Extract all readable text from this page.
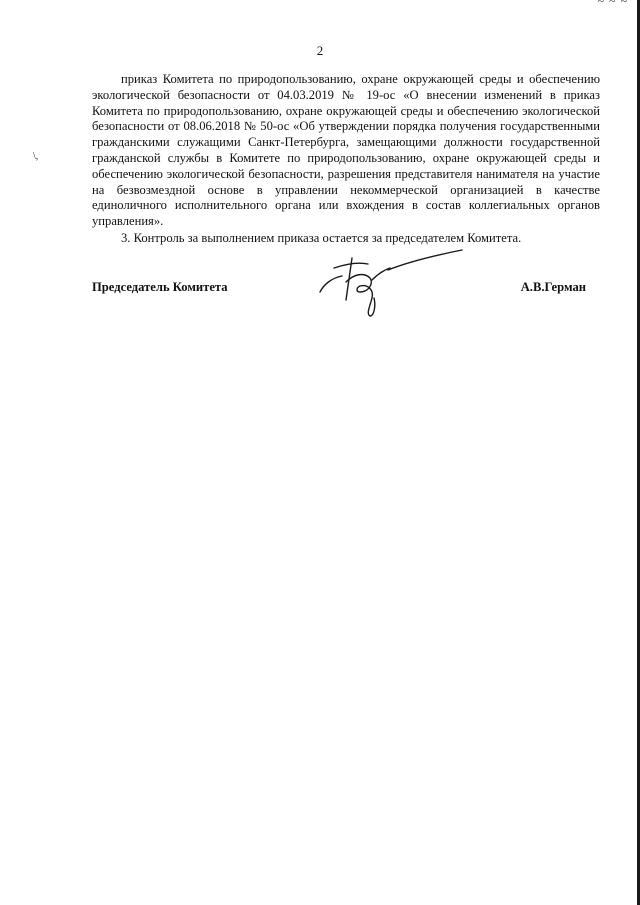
~ ~ ~
2
\,

приказ Комитета по природопользованию, охране окружающей среды и обеспечению экологической безопасности от 04.03.2019 № 19-ос «О внесении изменений в приказ Комитета по природопользованию, охране окружающей среды и обеспечению экологической безопасности от 08.06.2018 № 50-ос «Об утверждении порядка получения государственными гражданскими служащими Санкт-Петербурга, замещающими должности государственной гражданской службы в Комитете по природопользованию, охране окружающей среды и обеспечению экологической безопасности, разрешения представителя нанимателя на участие на безвозмездной основе в управлении некоммерческой организацией в качестве единоличного исполнительного органа или вхождения в состав коллегиальных органов управления».

3. Контроль за выполнением приказа остается за председателем Комитета.

Председатель Комитета	А.В.Герман
